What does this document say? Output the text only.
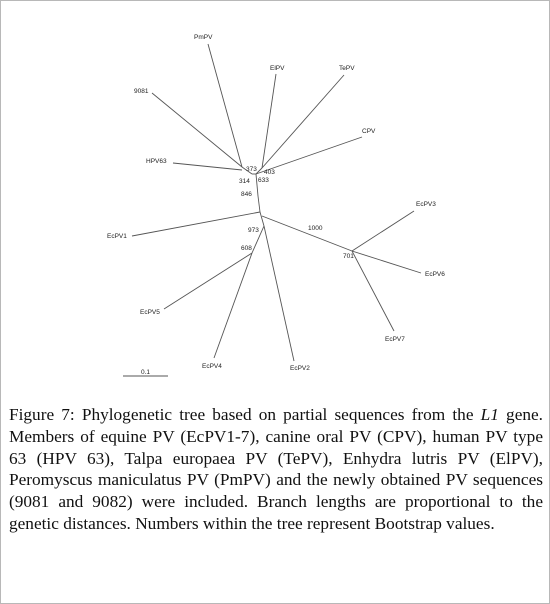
PmPV
ElPV	TePV
9081
CPV
HPV63
EcPV3
EcPV1
EcPV6
EcPV5
EcPV7
EcPV4	EcPV2
373 403
314 633
846
1000
973
608
701
0.1
Figure 7: Phylogenetic tree based on partial sequences from the L1 gene. Members of equine PV (EcPV1-7), canine oral PV (CPV), human PV type 63 (HPV 63), Talpa europaea PV (TePV), Enhydra lutris PV (ElPV), Peromyscus maniculatus PV (PmPV) and the newly obtained PV sequences (9081 and 9082) were included. Branch lengths are proportional to the genetic distances. Numbers within the tree represent Bootstrap values.
